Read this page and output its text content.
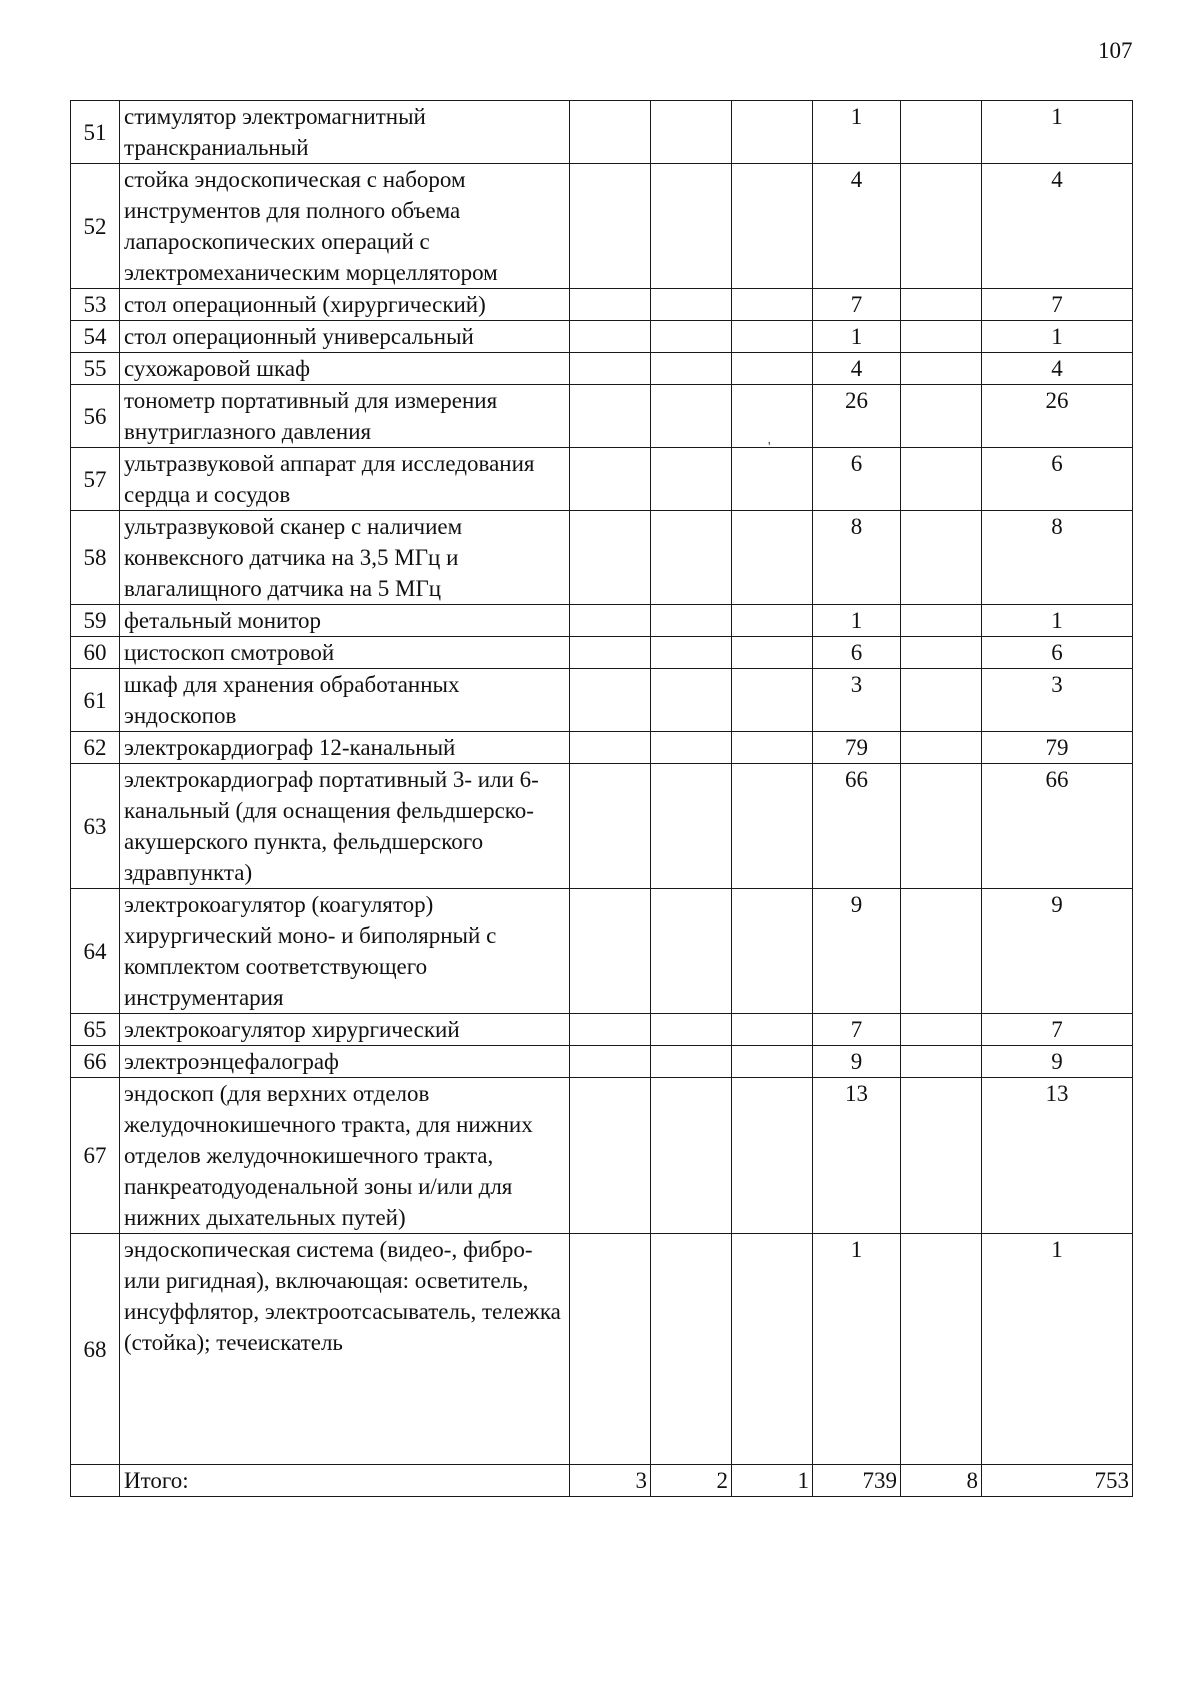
107
51	стимулятор электромагнитный транскраниальный				1		1
52	стойка эндоскопическая с набором инструментов для полного объема лапароскопических операций с электромеханическим морцеллятором				4		4
53	стол операционный (хирургический)				7		7
54	стол операционный универсальный				1		1
55	сухожаровой шкаф				4		4
56	тонометр портативный для измерения внутриглазного давления				26		26
57	ультразвуковой аппарат для исследования сердца и сосудов				6		6
58	ультразвуковой сканер с наличием конвексного датчика на 3,5 МГц и влагалищного датчика на 5 МГц				8		8
59	фетальный монитор				1		1
60	цистоскоп смотровой				6		6
61	шкаф для хранения обработанных эндоскопов				3		3
62	электрокардиограф 12-канальный				79		79
63	электрокардиограф портативный 3- или 6-канальный (для оснащения фельдшерско-акушерского пункта, фельдшерского здравпункта)				66		66
64	электрокоагулятор (коагулятор) хирургический моно- и биполярный с комплектом соответствующего инструментария				9		9
65	электрокоагулятор хирургический				7		7
66	электроэнцефалограф				9		9
67	эндоскоп (для верхних отделов желудочнокишечного тракта, для нижних отделов желудочнокишечного тракта, панкреатодуоденальной зоны и/или для нижних дыхательных путей)				13		13
68	эндоскопическая система (видео-, фибро- или ригидная), включающая: осветитель, инсуффлятор, электроотсасыватель, тележка (стойка); течеискатель				1		1
	Итого:	3	2	1	739	8	753
'
